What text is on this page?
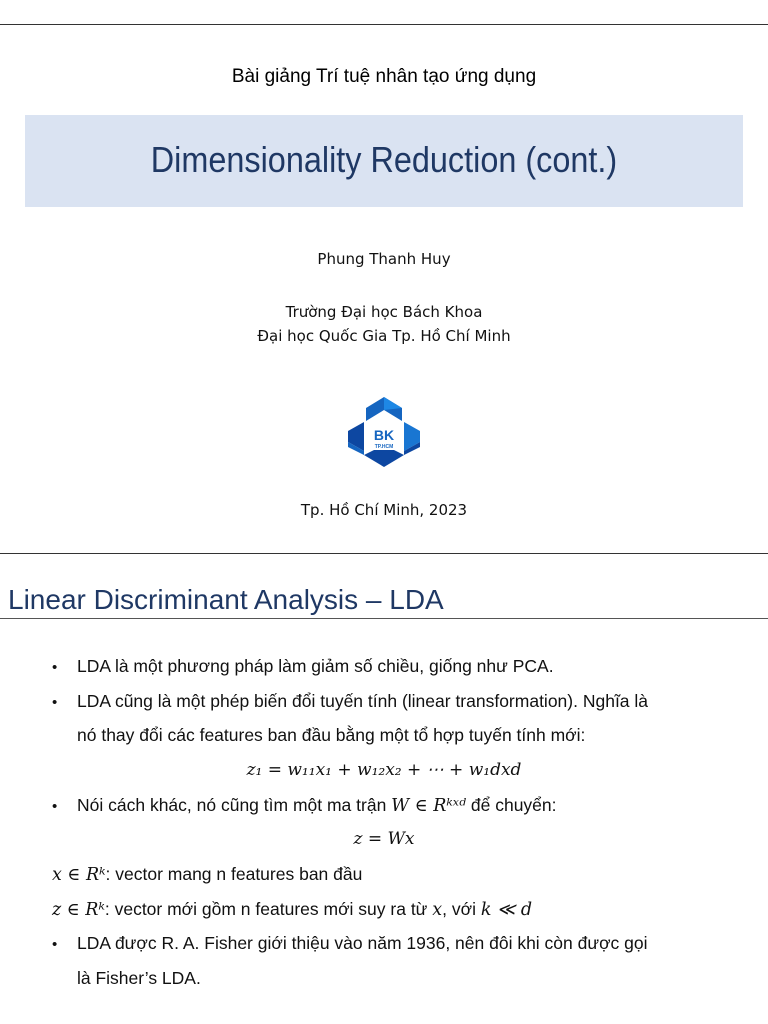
Bài giảng Trí tuệ nhân tạo ứng dụng
Dimensionality Reduction (cont.)
Phung Thanh Huy
Trường Đại học Bách Khoa
Đại học Quốc Gia Tp. Hồ Chí Minh
BK
TP.HCM
Tp. Hồ Chí Minh, 2023
Linear Discriminant Analysis – LDA
• LDA là một phương pháp làm giảm số chiều, giống như PCA.
• LDA cũng là một phép biến đổi tuyến tính (linear transformation). Nghĩa là
nó thay đổi các features ban đầu bằng một tổ hợp tuyến tính mới:
z₁ = w₁₁x₁ + w₁₂x₂ + ⋯ + w₁dxd
• Nói cách khác, nó cũng tìm một ma trận W ∈ Rᵏˣᵈ để chuyển:
z = Wx
x ∈ Rᵏ: vector mang n features ban đầu
z ∈ Rᵏ: vector mới gồm n features mới suy ra từ x, với k ≪ d
• LDA được R. A. Fisher giới thiệu vào năm 1936, nên đôi khi còn được gọi
là Fisher’s LDA.
